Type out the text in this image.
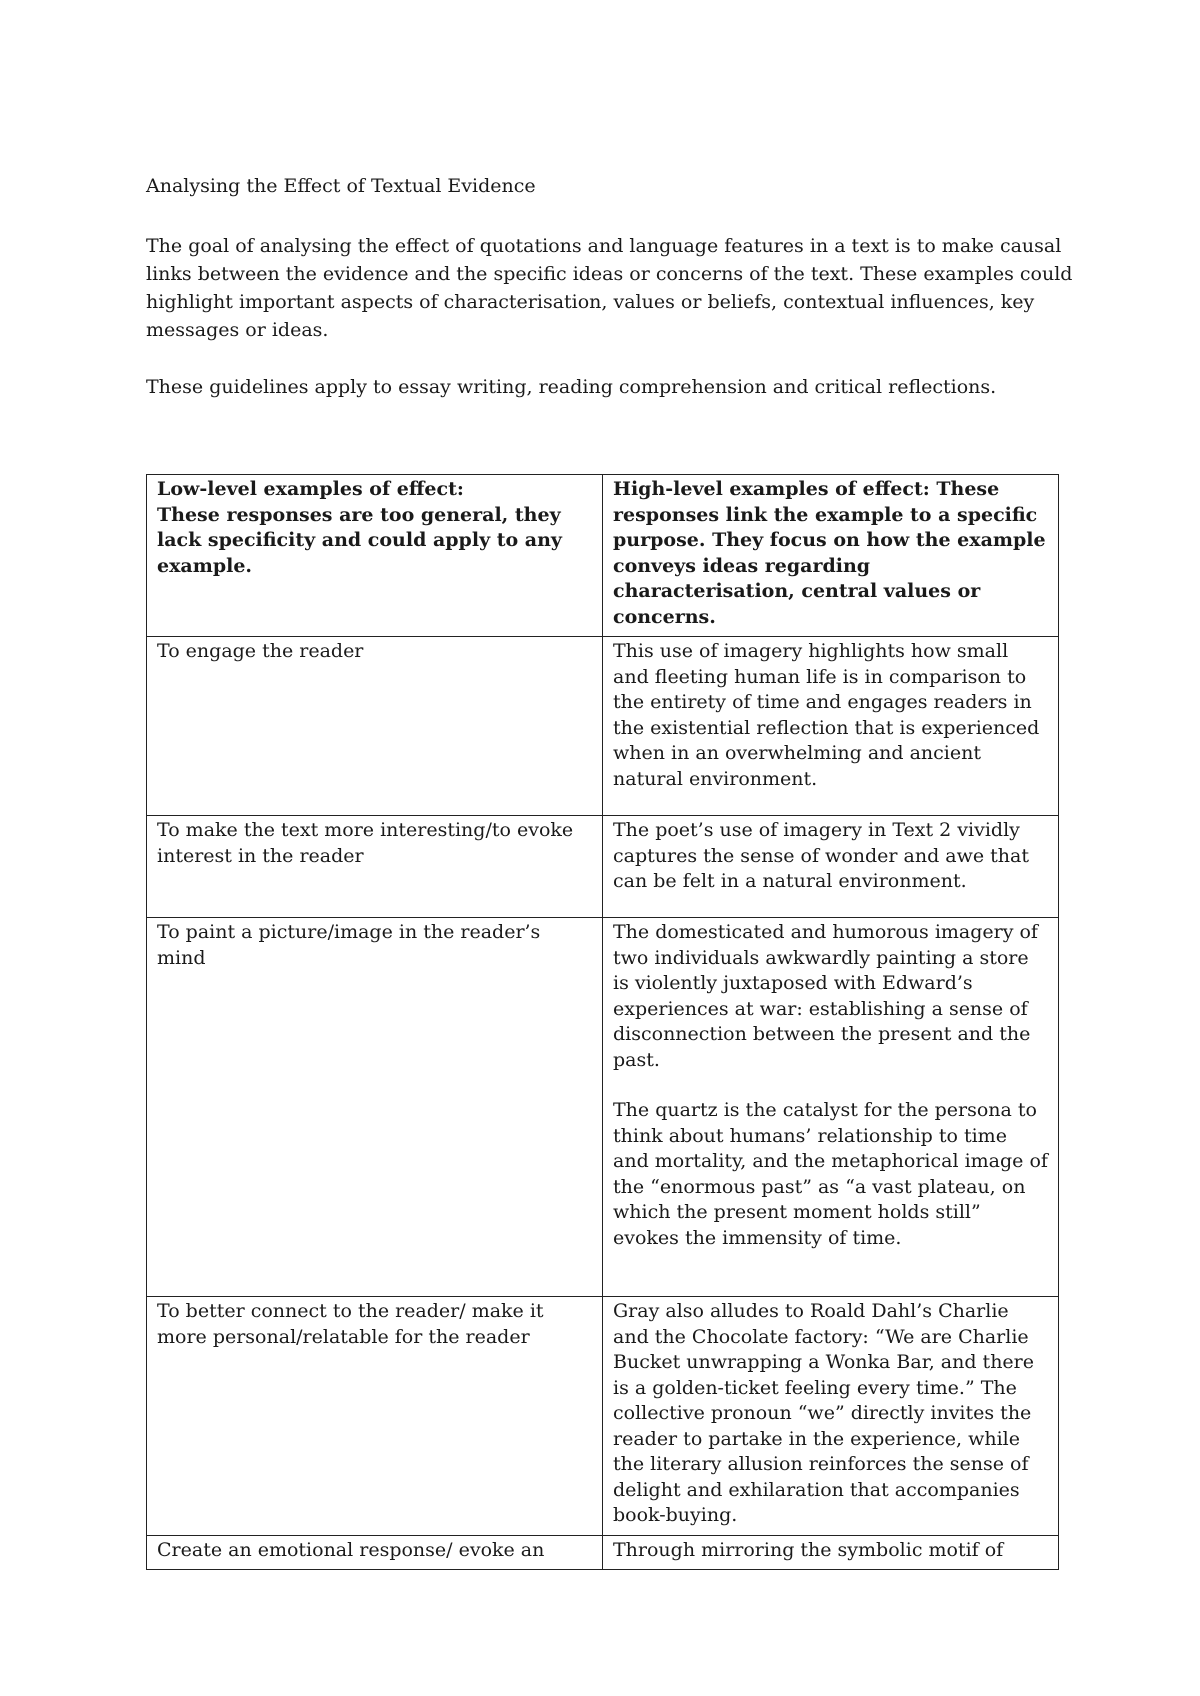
Analysing the Effect of Textual Evidence

The goal of analysing the effect of quotations and language features in a text is to make causal links between the evidence and the specific ideas or concerns of the text. These examples could highlight important aspects of characterisation, values or beliefs, contextual influences, key messages or ideas.

These guidelines apply to essay writing, reading comprehension and critical reflections.

Low-level examples of effect:

These responses are too general, they lack specificity and could apply to any example.	High-level examples of effect: These responses link the example to a specific purpose. They focus on how the example conveys ideas regarding characterisation, central values or concerns.

To engage the reader	This use of imagery highlights how small and fleeting human life is in comparison to the entirety of time and engages readers in the existential reflection that is experienced when in an overwhelming and ancient natural environment.

To make the text more interesting/to evoke interest in the reader	The poet’s use of imagery in Text 2 vividly captures the sense of wonder and awe that can be felt in a natural environment.

To paint a picture/image in the reader’s mind	The domesticated and humorous imagery of two individuals awkwardly painting a store is violently juxtaposed with Edward’s experiences at war: establishing a sense of disconnection between the present and the past.

The quartz is the catalyst for the persona to think about humans’ relationship to time and mortality, and the metaphorical image of the “enormous past” as “a vast plateau, on which the present moment holds still” evokes the immensity of time.

To better connect to the reader/ make it more personal/relatable for the reader	Gray also alludes to Roald Dahl’s Charlie and the Chocolate factory: “We are Charlie Bucket unwrapping a Wonka Bar, and there is a golden-ticket feeling every time.” The collective pronoun “we” directly invites the reader to partake in the experience, while the literary allusion reinforces the sense of delight and exhilaration that accompanies book-buying.

Create an emotional response/ evoke an	Through mirroring the symbolic motif of
